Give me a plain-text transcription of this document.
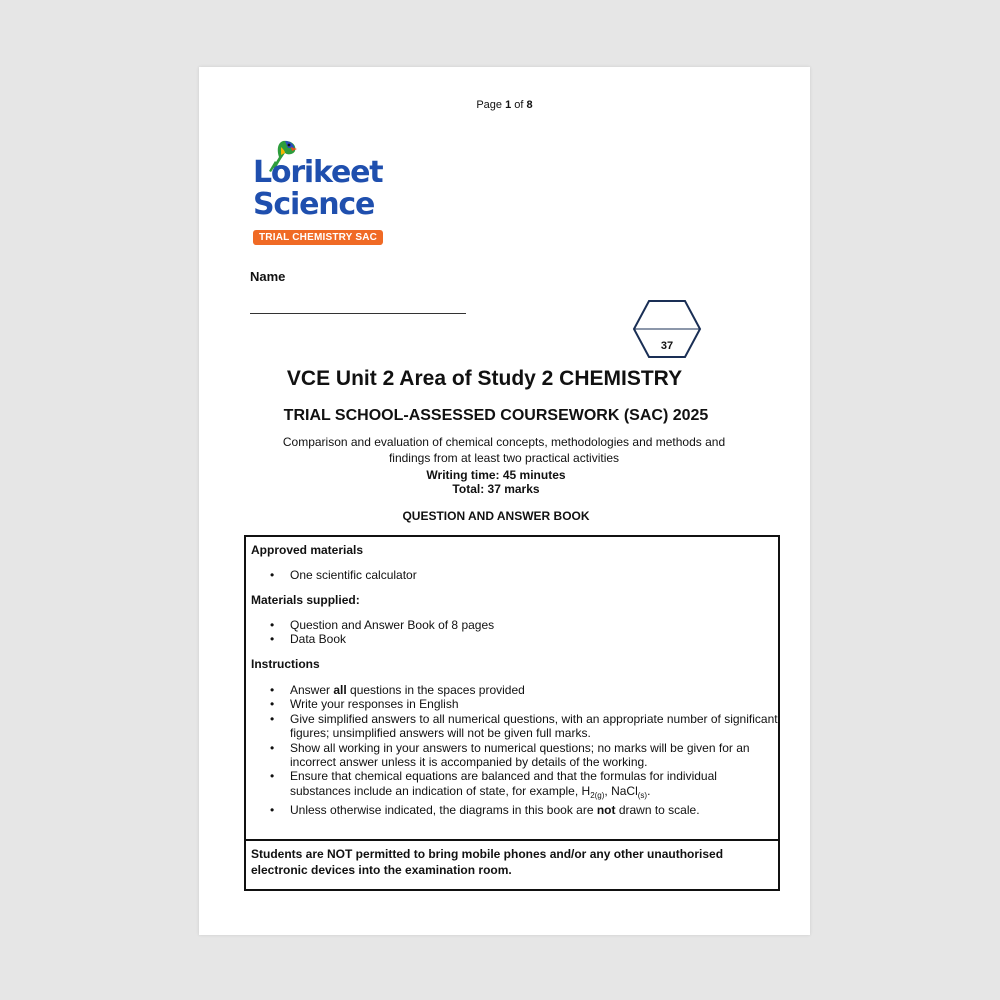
Page 1 of 8
Lorikeet
Science
TRIAL CHEMISTRY SAC
Name
37
VCE Unit 2 Area of Study 2 CHEMISTRY
TRIAL SCHOOL-ASSESSED COURSEWORK (SAC) 2025
Comparison and evaluation of chemical concepts, methodologies and methods and findings from at least two practical activities
Writing time: 45 minutes
Total: 37 marks
QUESTION AND ANSWER BOOK
Approved materials
• One scientific calculator
Materials supplied:
• Question and Answer Book of 8 pages
• Data Book
Instructions
• Answer all questions in the spaces provided
• Write your responses in English
• Give simplified answers to all numerical questions, with an appropriate number of significant figures; unsimplified answers will not be given full marks.
• Show all working in your answers to numerical questions; no marks will be given for an incorrect answer unless it is accompanied by details of the working.
• Ensure that chemical equations are balanced and that the formulas for individual substances include an indication of state, for example, $H_{2(g)}$, NaCl$_{(s)}$.
• Unless otherwise indicated, the diagrams in this book are not drawn to scale.
Students are NOT permitted to bring mobile phones and/or any other unauthorised electronic devices into the examination room.
